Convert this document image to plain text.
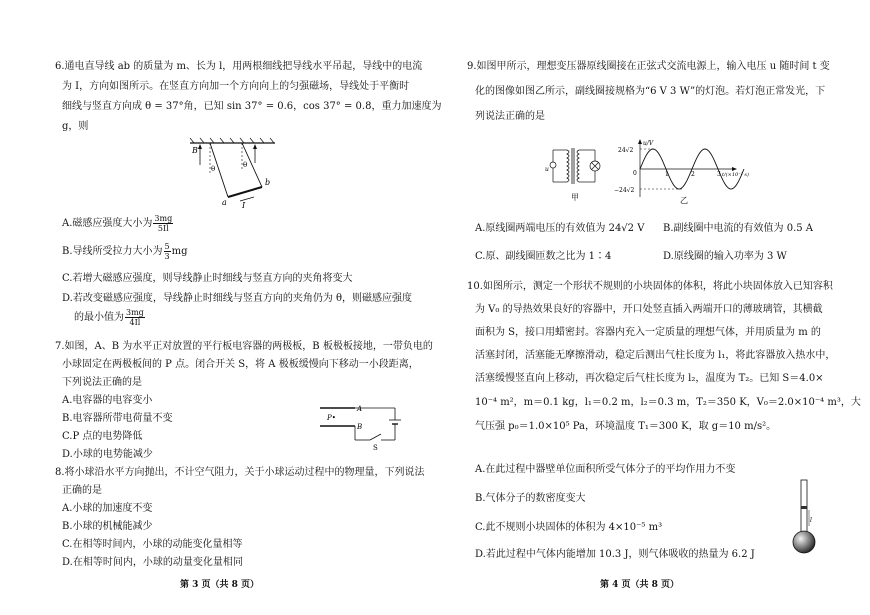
6.通电直导线 ab 的质量为 m、长为 l，用两根细线把导线水平吊起，导线中的电流
为 I，方向如图所示。在竖直方向加一个方向向上的匀强磁场，导线处于平衡时
细线与竖直方向成 θ = 37°角，已知 sin 37° = 0.6，cos 37° = 0.8，重力加速度为
g，则
B
θ	θ
a
b
I
A.磁感应强度大小为 $\frac{3mg}{5Il}$
B.导线所受拉力大小为 $\frac{5}{3}$ mg
C.若增大磁感应强度，则导线静止时细线与竖直方向的夹角将变大
D.若改变磁感应强度，导线静止时细线与竖直方向的夹角仍为 θ，则磁感应强度
的最小值为 $\frac{3mg}{4Il}$
7.如图，A、B 为水平正对放置的平行板电容器的两极板，B 板极板接地，一带负电的
小球固定在两极板间的 P 点。闭合开关 S，将 A 极板缓慢向下移动一小段距离，
下列说法正确的是
A.电容器的电容变小
B.电容器所带电荷量不变
C.P 点的电势降低
D.小球的电势能减少
A
B
P•
S
8.将小球沿水平方向抛出，不计空气阻力，关于小球运动过程中的物理量，下列说法
正确的是
A.小球的加速度不变
B.小球的机械能减少
C.在相等时间内，小球的动能变化量相等
D.在相等时间内，小球的动量变化量相同
第 3 页（共 8 页）
9.如图甲所示，理想变压器原线圈接在正弦式交流电源上，输入电压 u 随时间 t 变
化的图像如图乙所示，副线圈接规格为“6 V 3 W”的灯泡。若灯泡正常发光，下
列说法正确的是
u
甲
u/V
24√2
−24√2
0	1	2	3 t/(×10⁻² s)
乙
A.原线圈两端电压的有效值为 24√2 V B.副线圈中电流的有效值为 0.5 A
C.原、副线圈匝数之比为 1∶4	D.原线圈的输入功率为 3 W
10.如图所示，测定一个形状不规则的小块固体的体积，将此小块固体放入已知容积
为 V₀ 的导热效果良好的容器中，开口处竖直插入两端开口的薄玻璃管，其横截
面积为 S，接口用蜡密封。容器内充入一定质量的理想气体，并用质量为 m 的
活塞封闭，活塞能无摩擦滑动，稳定后测出气柱长度为 l₁，将此容器放入热水中，
活塞缓慢竖直向上移动，再次稳定后气柱长度为 l₂，温度为 T₂。已知 S＝4.0×
10⁻⁴ m²，m＝0.1 kg，l₁＝0.2 m，l₂＝0.3 m，T₂＝350 K，V₀＝2.0×10⁻⁴ m³，大
气压强 p₀＝1.0×10⁵ Pa，环境温度 T₁＝300 K，取 g＝10 m/s²。
A.在此过程中器壁单位面积所受气体分子的平均作用力不变
B.气体分子的数密度变大
C.此不规则小块固体的体积为 4×10⁻⁵ m³
D.若此过程中气体内能增加 10.3 J，则气体吸收的热量为 6.2 J
l
第 4 页（共 8 页）
